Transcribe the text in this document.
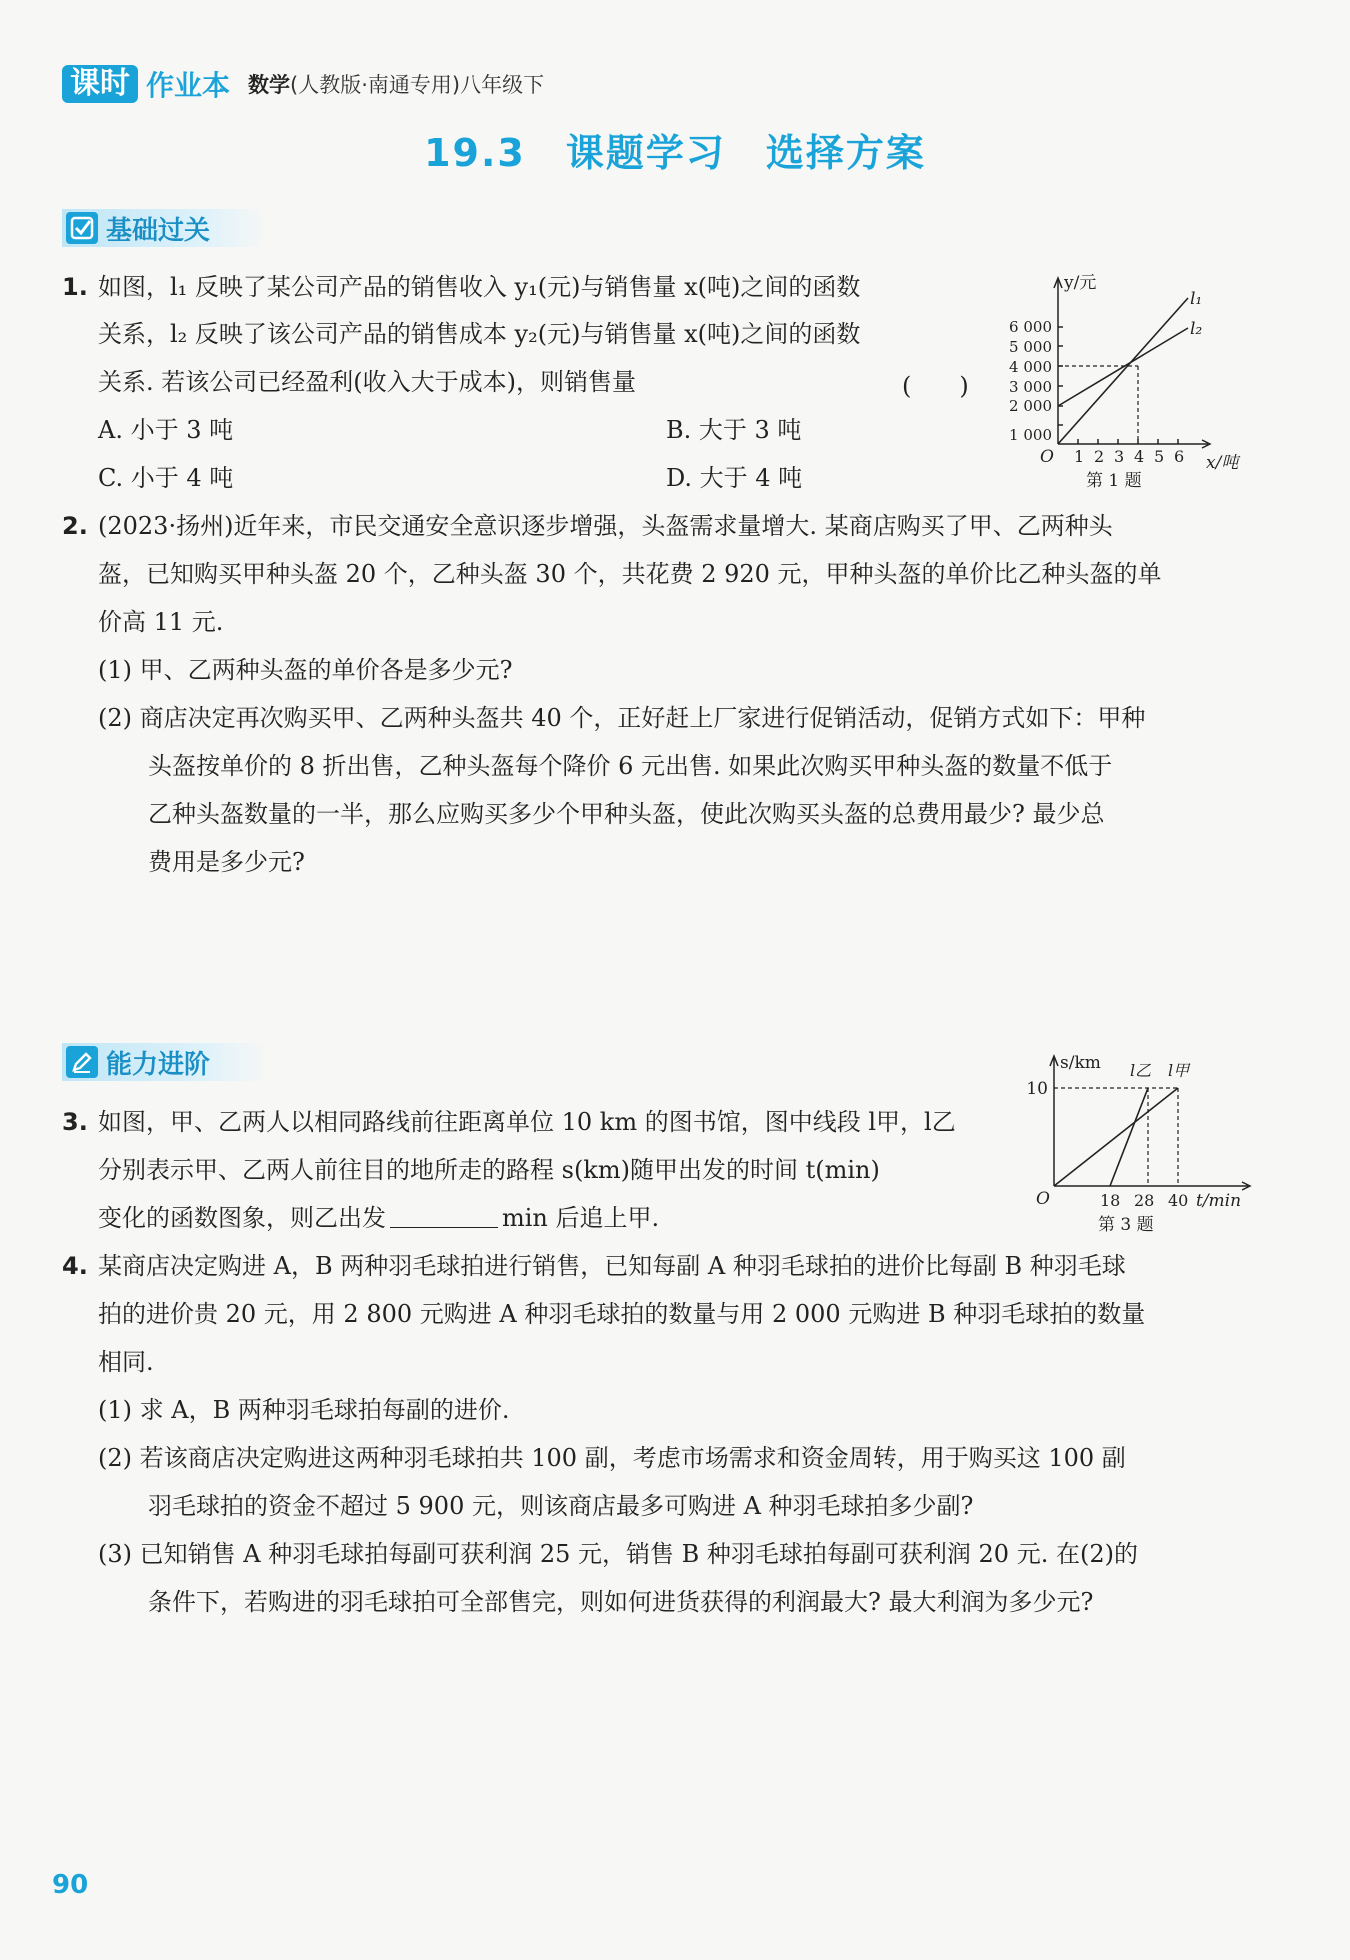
课时 作业本 数学(人教版·南通专用)八年级下
19.3　课题学习　选择方案
基础过关
1. 如图，l₁ 反映了某公司产品的销售收入 y₁(元)与销售量 x(吨)之间的函数
关系，l₂ 反映了该公司产品的销售成本 y₂(元)与销售量 x(吨)之间的函数
关系. 若该公司已经盈利(收入大于成本)，则销售量	(　　)
A. 小于 3 吨	B. 大于 3 吨
C. 小于 4 吨	D. 大于 4 吨
y/元
1 000
2 000
3 000
4 000
5 000
6 000
O 1 2 3 4 5 6 x/吨
l₁
l₂
第 1 题
2. (2023·扬州)近年来，市民交通安全意识逐步增强，头盔需求量增大. 某商店购买了甲、乙两种头
盔，已知购买甲种头盔 20 个，乙种头盔 30 个，共花费 2 920 元，甲种头盔的单价比乙种头盔的单
价高 11 元.
(1) 甲、乙两种头盔的单价各是多少元?
(2) 商店决定再次购买甲、乙两种头盔共 40 个，正好赶上厂家进行促销活动，促销方式如下：甲种
头盔按单价的 8 折出售，乙种头盔每个降价 6 元出售. 如果此次购买甲种头盔的数量不低于
乙种头盔数量的一半，那么应购买多少个甲种头盔，使此次购买头盔的总费用最少? 最少总
费用是多少元?
能力进阶	s/km
10
O	18 28 40 t/min
l乙 l甲
第 3 题
3. 如图，甲、乙两人以相同路线前往距离单位 10 km 的图书馆，图中线段 l甲，l乙
分别表示甲、乙两人前往目的地所走的路程 s(km)随甲出发的时间 t(min)
变化的函数图象，则乙出发	min 后追上甲.
4. 某商店决定购进 A，B 两种羽毛球拍进行销售，已知每副 A 种羽毛球拍的进价比每副 B 种羽毛球
拍的进价贵 20 元，用 2 800 元购进 A 种羽毛球拍的数量与用 2 000 元购进 B 种羽毛球拍的数量
相同.
(1) 求 A，B 两种羽毛球拍每副的进价.
(2) 若该商店决定购进这两种羽毛球拍共 100 副，考虑市场需求和资金周转，用于购买这 100 副
羽毛球拍的资金不超过 5 900 元，则该商店最多可购进 A 种羽毛球拍多少副?
(3) 已知销售 A 种羽毛球拍每副可获利润 25 元，销售 B 种羽毛球拍每副可获利润 20 元. 在(2)的
条件下，若购进的羽毛球拍可全部售完，则如何进货获得的利润最大? 最大利润为多少元?
90
